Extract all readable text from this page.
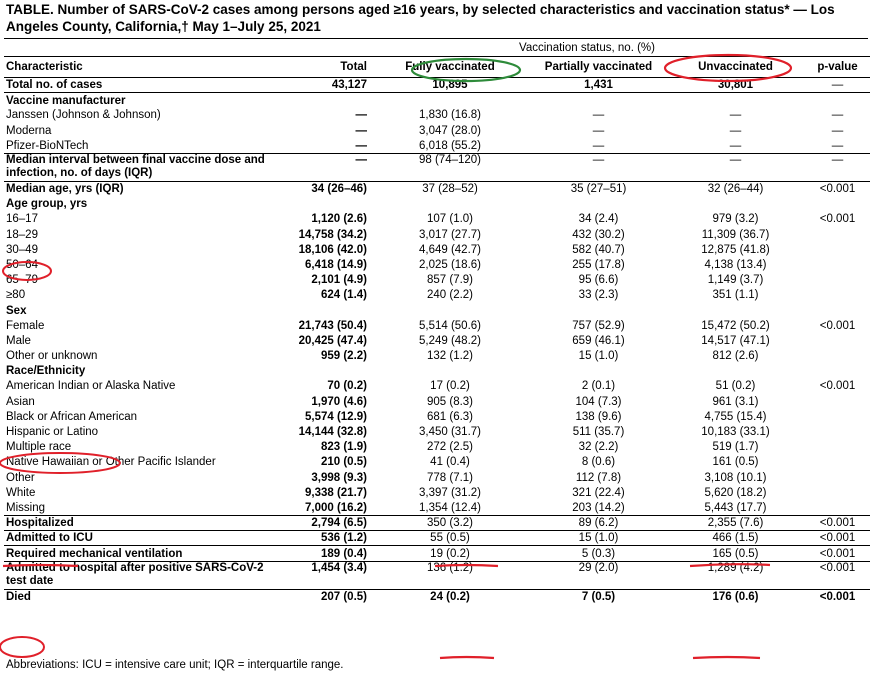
TABLE. Number of SARS-CoV-2 cases among persons aged ≥16 years, by selected characteristics and vaccination status* — Los Angeles County, California,† May 1–July 25, 2021
		Vaccination status, no. (%)			
Characteristic	Total	Fully vaccinated	Partially vaccinated	Unvaccinated	p-value
Total no. of cases	43,127	10,895	1,431	30,801	—
Vaccine manufacturer					
Janssen (Johnson & Johnson)	—	1,830 (16.8)	—	—	—
Moderna	—	3,047 (28.0)	—	—	—
Pfizer-BioNTech	—	6,018 (55.2)	—	—	—
Median interval between final vaccine dose and infection, no. of days (IQR)	—	98 (74–120)	—	—	—
Median age, yrs (IQR)	34 (26–46)	37 (28–52)	35 (27–51)	32 (26–44)	<0.001
Age group, yrs					
16–17	1,120 (2.6)	107 (1.0)	34 (2.4)	979 (3.2)	<0.001
18–29	14,758 (34.2)	3,017 (27.7)	432 (30.2)	11,309 (36.7)	
30–49	18,106 (42.0)	4,649 (42.7)	582 (40.7)	12,875 (41.8)	
50–64	6,418 (14.9)	2,025 (18.6)	255 (17.8)	4,138 (13.4)	
65–79	2,101 (4.9)	857 (7.9)	95 (6.6)	1,149 (3.7)	
≥80	624 (1.4)	240 (2.2)	33 (2.3)	351 (1.1)	
Sex					
Female	21,743 (50.4)	5,514 (50.6)	757 (52.9)	15,472 (50.2)	<0.001
Male	20,425 (47.4)	5,249 (48.2)	659 (46.1)	14,517 (47.1)	
Other or unknown	959 (2.2)	132 (1.2)	15 (1.0)	812 (2.6)	
Race/Ethnicity					
American Indian or Alaska Native	70 (0.2)	17 (0.2)	2 (0.1)	51 (0.2)	<0.001
Asian	1,970 (4.6)	905 (8.3)	104 (7.3)	961 (3.1)	
Black or African American	5,574 (12.9)	681 (6.3)	138 (9.6)	4,755 (15.4)	
Hispanic or Latino	14,144 (32.8)	3,450 (31.7)	511 (35.7)	10,183 (33.1)	
Multiple race	823 (1.9)	272 (2.5)	32 (2.2)	519 (1.7)	
Native Hawaiian or Other Pacific Islander	210 (0.5)	41 (0.4)	8 (0.6)	161 (0.5)	
Other	3,998 (9.3)	778 (7.1)	112 (7.8)	3,108 (10.1)	
White	9,338 (21.7)	3,397 (31.2)	321 (22.4)	5,620 (18.2)	
Missing	7,000 (16.2)	1,354 (12.4)	203 (14.2)	5,443 (17.7)	
Hospitalized	2,794 (6.5)	350 (3.2)	89 (6.2)	2,355 (7.6)	<0.001
Admitted to ICU	536 (1.2)	55 (0.5)	15 (1.0)	466 (1.5)	<0.001
Required mechanical ventilation	189 (0.4)	19 (0.2)	5 (0.3)	165 (0.5)	<0.001
Admitted to hospital after positive SARS-CoV-2 test date	1,454 (3.4)	136 (1.2)	29 (2.0)	1,289 (4.2)	<0.001
Died	207 (0.5)	24 (0.2)	7 (0.5)	176 (0.6)	<0.001
Abbreviations: ICU = intensive care unit; IQR = interquartile range.
